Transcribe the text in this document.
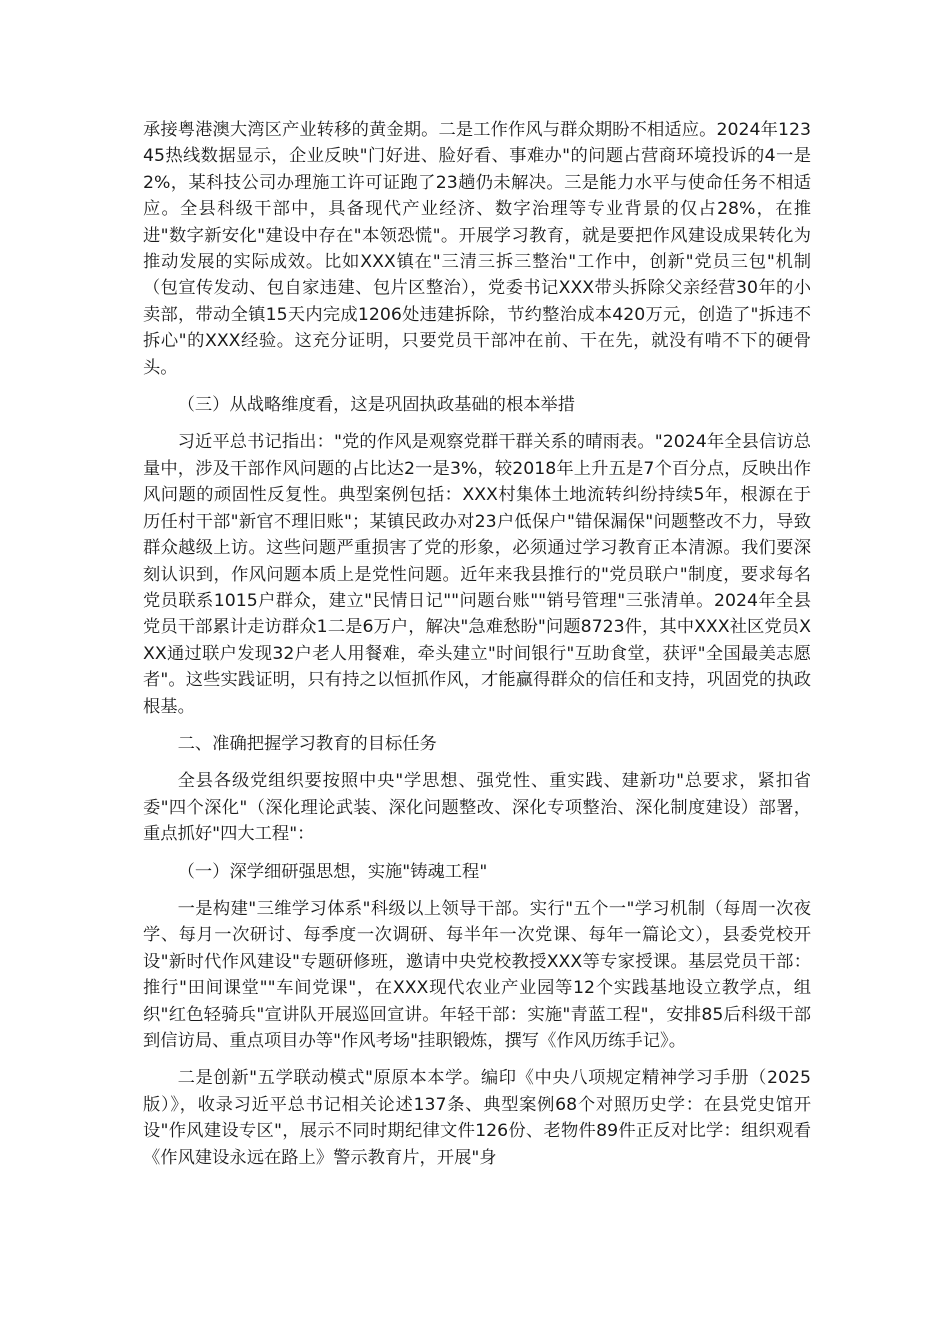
承接粤港澳大湾区产业转移的黄金期。二是工作作风与群众期盼不相适应。2024年12345热线数据显示，企业反映"门好进、脸好看、事难办"的问题占营商环境投诉的4一是2%，某科技公司办理施工许可证跑了23趟仍未解决。三是能力水平与使命任务不相适应。全县科级干部中，具备现代产业经济、数字治理等专业背景的仅占28%，在推进"数字新安化"建设中存在"本领恐慌"。开展学习教育，就是要把作风建设成果转化为推动发展的实际成效。比如XXX镇在"三清三拆三整治"工作中，创新"党员三包"机制（包宣传发动、包自家违建、包片区整治），党委书记XXX带头拆除父亲经营30年的小卖部，带动全镇15天内完成1206处违建拆除，节约整治成本420万元，创造了"拆违不拆心"的XXX经验。这充分证明，只要党员干部冲在前、干在先，就没有啃不下的硬骨头。

（三）从战略维度看，这是巩固执政基础的根本举措

习近平总书记指出："党的作风是观察党群干群关系的晴雨表。"2024年全县信访总量中，涉及干部作风问题的占比达2一是3%，较2018年上升五是7个百分点，反映出作风问题的顽固性反复性。典型案例包括：XXX村集体土地流转纠纷持续5年，根源在于历任村干部"新官不理旧账"；某镇民政办对23户低保户"错保漏保"问题整改不力，导致群众越级上访。这些问题严重损害了党的形象，必须通过学习教育正本清源。我们要深刻认识到，作风问题本质上是党性问题。近年来我县推行的"党员联户"制度，要求每名党员联系1015户群众，建立"民情日记""问题台账""销号管理"三张清单。2024年全县党员干部累计走访群众1二是6万户，解决"急难愁盼"问题8723件，其中XXX社区党员XXX通过联户发现32户老人用餐难，牵头建立"时间银行"互助食堂，获评"全国最美志愿者"。这些实践证明，只有持之以恒抓作风，才能赢得群众的信任和支持，巩固党的执政根基。

二、准确把握学习教育的目标任务

全县各级党组织要按照中央"学思想、强党性、重实践、建新功"总要求，紧扣省委"四个深化"（深化理论武装、深化问题整改、深化专项整治、深化制度建设）部署，重点抓好"四大工程"：

（一）深学细研强思想，实施"铸魂工程"

一是构建"三维学习体系"科级以上领导干部。实行"五个一"学习机制（每周一次夜学、每月一次研讨、每季度一次调研、每半年一次党课、每年一篇论文），县委党校开设"新时代作风建设"专题研修班，邀请中央党校教授XXX等专家授课。基层党员干部：推行"田间课堂""车间党课"，在XXX现代农业产业园等12个实践基地设立教学点，组织"红色轻骑兵"宣讲队开展巡回宣讲。年轻干部：实施"青蓝工程"，安排85后科级干部到信访局、重点项目办等"作风考场"挂职锻炼，撰写《作风历练手记》。

二是创新"五学联动模式"原原本本学。编印《中央八项规定精神学习手册（2025版）》，收录习近平总书记相关论述137条、典型案例68个对照历史学：在县党史馆开设"作风建设专区"，展示不同时期纪律文件126份、老物件89件正反对比学：组织观看《作风建设永远在路上》警示教育片，开展"身
